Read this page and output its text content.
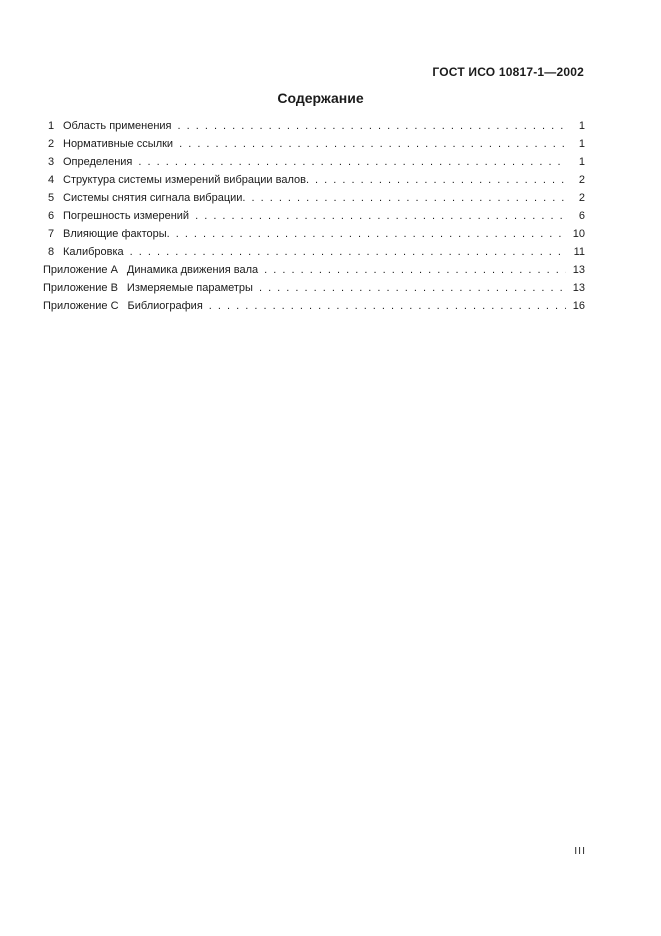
ГОСТ ИСО 10817-1—2002
Содержание
1 Область применения . . .	1
2 Нормативные ссылки . . .	1
3 Определения . . .	1
4 Структура системы измерений вибрации валов. . . .	2
5 Системы снятия сигнала вибрации. . . .	2
6 Погрешность измерений . . .	6
7 Влияющие факторы. . . .	10
8 Калибровка . . .	11
Приложение А Динамика движения вала . . .	13
Приложение В Измеряемые параметры . . .	13
Приложение С Библиография . . .	16
III
